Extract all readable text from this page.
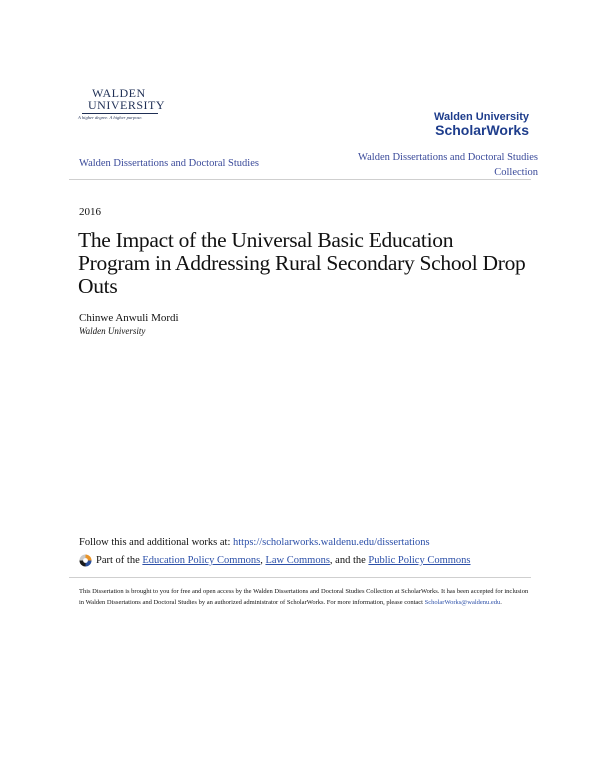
WALDEN
UNIVERSITY
A higher degree. A higher purpose.	Walden University
ScholarWorks
Walden Dissertations and Doctoral Studies
Walden Dissertations and Doctoral Studies
Collection
2016
The Impact of the Universal Basic Education Program in Addressing Rural Secondary School Drop Outs
Chinwe Anwuli Mordi
Walden University
Follow this and additional works at: https://scholarworks.waldenu.edu/dissertations
Part of the Education Policy Commons , Law Commons , and the Public Policy Commons
This Dissertation is brought to you for free and open access by the Walden Dissertations and Doctoral Studies Collection at ScholarWorks. It has been accepted for inclusion in Walden Dissertations and Doctoral Studies by an authorized administrator of ScholarWorks. For more information, please contact ScholarWorks@waldenu.edu.
